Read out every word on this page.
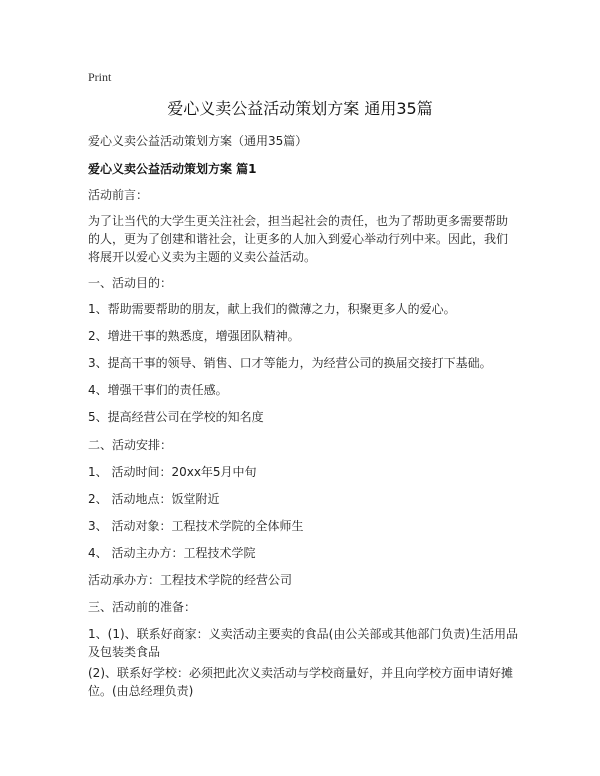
Print
爱心义卖公益活动策划方案 通用35篇
爱心义卖公益活动策划方案（通用35篇）
爱心义卖公益活动策划方案 篇1
活动前言：
为了让当代的大学生更关注社会，担当起社会的责任，也为了帮助更多需要帮助的人，更为了创建和谐社会，让更多的人加入到爱心举动行列中来。因此，我们将展开以爱心义卖为主题的义卖公益活动。
一、活动目的：
1、帮助需要帮助的朋友，献上我们的微薄之力，积聚更多人的爱心。
2、增进干事的熟悉度，增强团队精神。
3、提高干事的领导、销售、口才等能力，为经营公司的换届交接打下基础。
4、增强干事们的责任感。
5、提高经营公司在学校的知名度
二、活动安排：
1、 活动时间：20xx年5月中旬
2、 活动地点：饭堂附近
3、 活动对象：工程技术学院的全体师生
4、 活动主办方：工程技术学院
活动承办方：工程技术学院的经营公司
三、活动前的准备：
1、(1)、联系好商家：义卖活动主要卖的食品(由公关部或其他部门负责)生活用品及包装类食品
(2)、联系好学校：必须把此次义卖活动与学校商量好，并且向学校方面申请好摊位。(由总经理负责)
